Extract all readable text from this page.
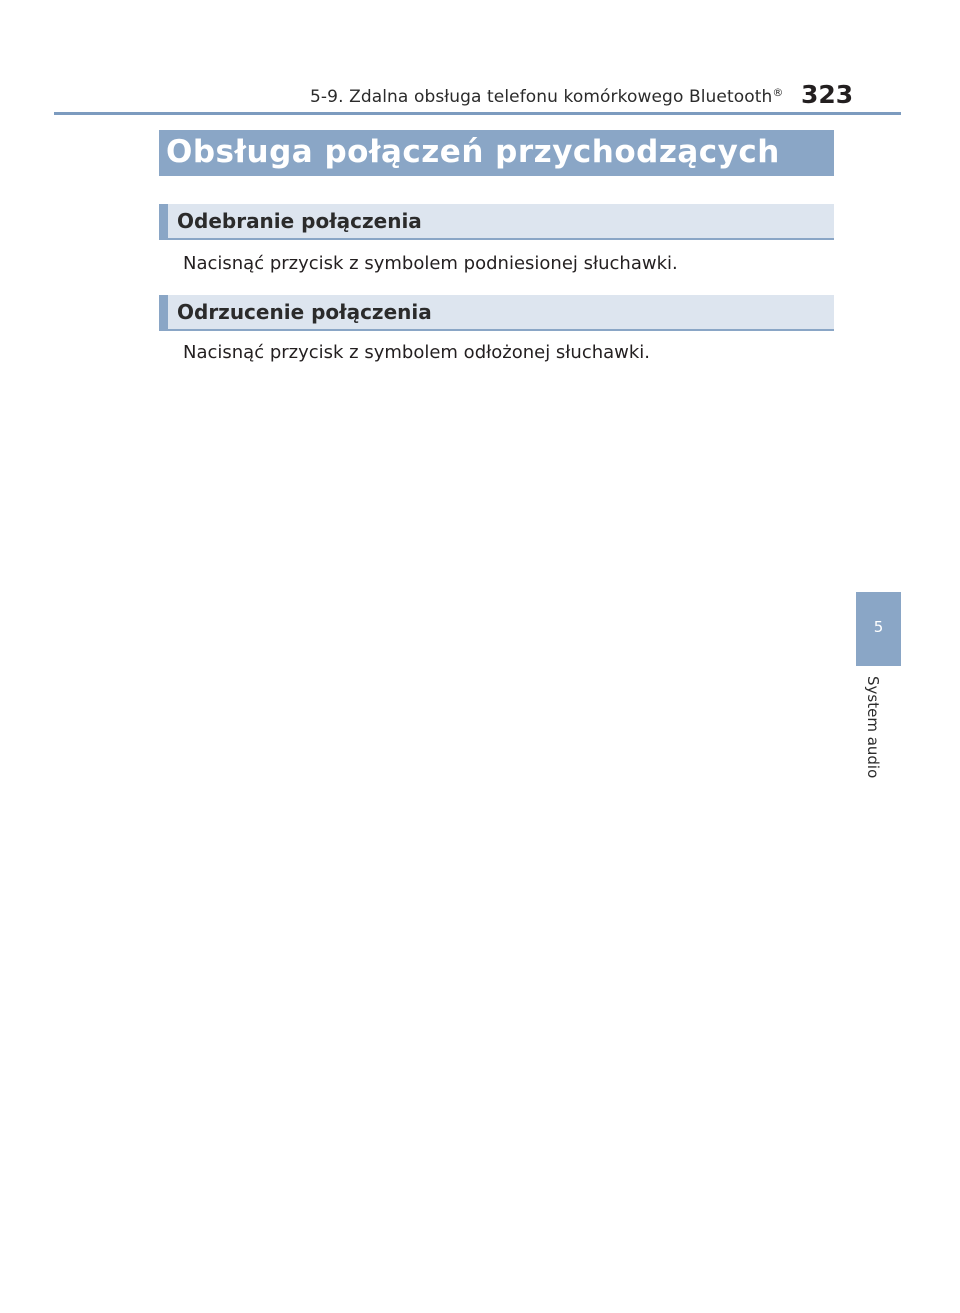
5-9. Zdalna obsługa telefonu komórkowego Bluetooth® 323
Obsługa połączeń przychodzących
Odebranie połączenia
Nacisnąć przycisk z symbolem podniesionej słuchawki.
Odrzucenie połączenia
Nacisnąć przycisk z symbolem odłożonej słuchawki.
5
System audio
